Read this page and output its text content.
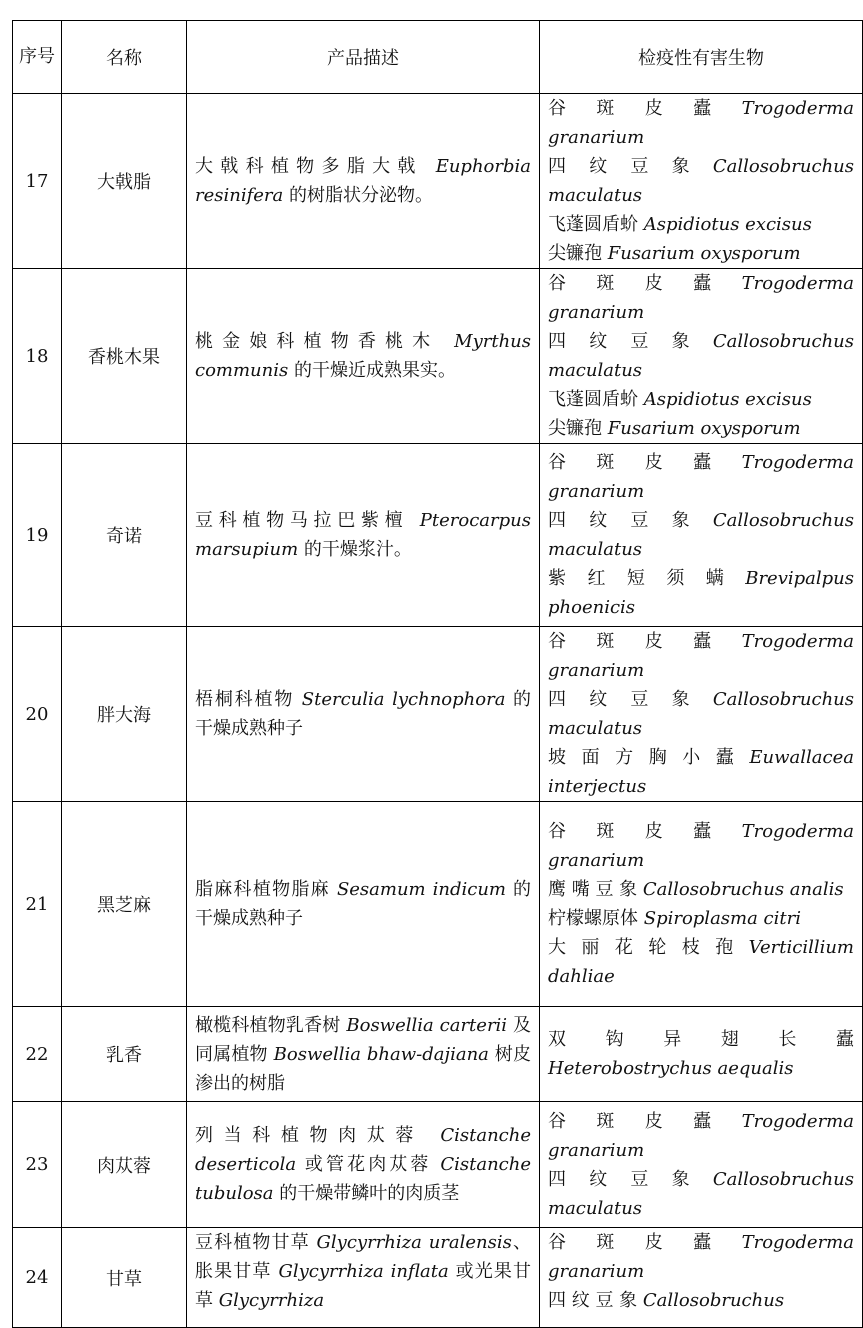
序号	名称	产品描述	检疫性有害生物
17	大戟脂	大戟科植物多脂大戟 Euphorbia resinifera 的树脂状分泌物。	谷 斑 皮 蠹 Trogoderma granarium
四 纹 豆 象 Callosobruchus maculatus
飞蓬圆盾蚧 Aspidiotus excisus
尖镰孢 Fusarium oxysporum

18	香桃木果	桃金娘科植物香桃木 Myrthus communis 的干燥近成熟果实。	谷 斑 皮 蠹 Trogoderma granarium
四 纹 豆 象 Callosobruchus maculatus
飞蓬圆盾蚧 Aspidiotus excisus
尖镰孢 Fusarium oxysporum

19	奇诺	豆科植物马拉巴紫檀 Pterocarpus marsupium 的干燥浆汁。	谷 斑 皮 蠹 Trogoderma granarium
四 纹 豆 象 Callosobruchus maculatus
紫 红 短 须 螨 Brevipalpus phoenicis

20	胖大海	梧桐科植物 Sterculia lychnophora 的干燥成熟种子	谷 斑 皮 蠹 Trogoderma granarium
四 纹 豆 象 Callosobruchus maculatus
坡 面 方 胸 小 蠹 Euwallacea interjectus

21	黑芝麻	脂麻科植物脂麻 Sesamum indicum 的干燥成熟种子	谷 斑 皮 蠹 Trogoderma granarium
鹰 嘴 豆 象 Callosobruchus analis
柠檬螺原体 Spiroplasma citri
大 丽 花 轮 枝 孢 Verticillium dahliae

22	乳香	橄榄科植物乳香树 Boswellia carterii 及同属植物 Boswellia bhaw-dajiana 树皮渗出的树脂	双 钩 异 翅 长 蠹 Heterobostrychus aequalis

23	肉苁蓉	列当科植物肉苁蓉 Cistanche deserticola 或管花肉苁蓉 Cistanche tubulosa 的干燥带鳞叶的肉质茎	谷 斑 皮 蠹 Trogoderma granarium
四 纹 豆 象 Callosobruchus maculatus

24	甘草	豆科植物甘草 Glycyrrhiza uralensis、胀果甘草 Glycyrrhiza inflata 或光果甘草 Glycyrrhiza	谷 斑 皮 蠹 Trogoderma granarium
四 纹 豆 象 Callosobruchus
